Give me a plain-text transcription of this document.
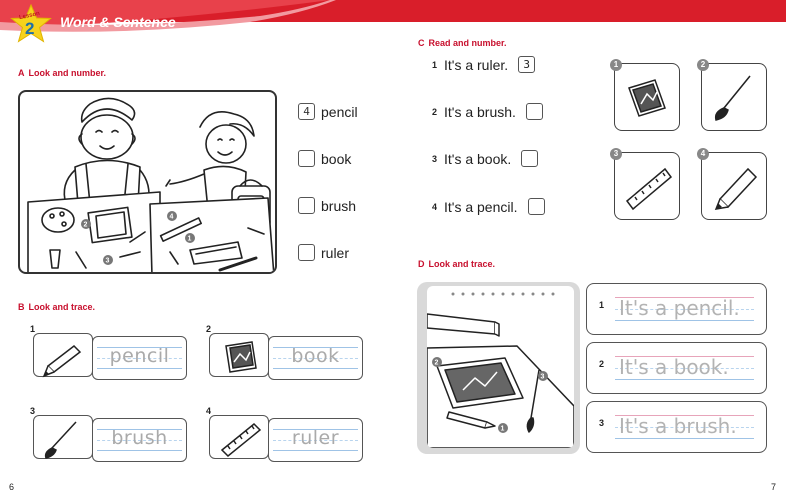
Lesson
2 Word & Sentence
A Look and number.
1
2
3
4
4 pencil
book
brush
ruler
B Look and trace.
1
pencil
2
book
3
brush
4
ruler
C Read and number.
1 It's a ruler.	3
2 It's a brush.
3 It's a book.
4 It's a pencil.
1	2
3	4
D Look and trace.
1
2
3
1 It's a pencil.
2 It's a book.
3 It's a brush.
6	7
